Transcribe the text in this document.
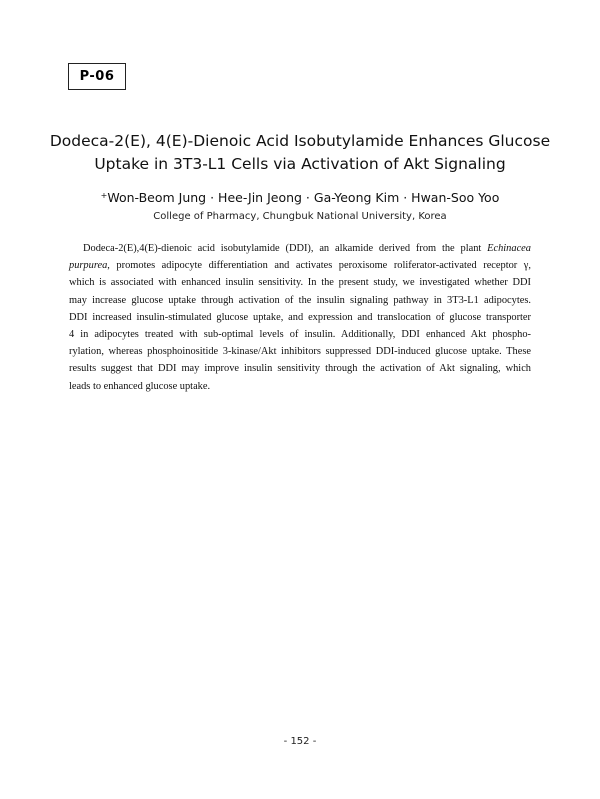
P-06
Dodeca-2(E), 4(E)-Dienoic Acid Isobutylamide Enhances Glucose
Uptake in 3T3-L1 Cells via Activation of Akt Signaling
+Won-Beom Jung · Hee-Jin Jeong · Ga-Yeong Kim · Hwan-Soo Yoo
College of Pharmacy, Chungbuk National University, Korea
Dodeca-2(E),4(E)-dienoic acid isobutylamide (DDI), an alkamide derived from the plant Echinacea
purpurea, promotes adipocyte differentiation and activates peroxisome roliferator-activated receptor γ,
which is associated with enhanced insulin sensitivity. In the present study, we investigated whether DDI
may increase glucose uptake through activation of the insulin signaling pathway in 3T3-L1 adipocytes.
DDI increased insulin-stimulated glucose uptake, and expression and translocation of glucose transporter
4 in adipocytes treated with sub-optimal levels of insulin. Additionally, DDI enhanced Akt phospho-
rylation, whereas phosphoinositide 3-kinase/Akt inhibitors suppressed DDI-induced glucose uptake. These
results suggest that DDI may improve insulin sensitivity through the activation of Akt signaling, which
leads to enhanced glucose uptake.
- 152 -
